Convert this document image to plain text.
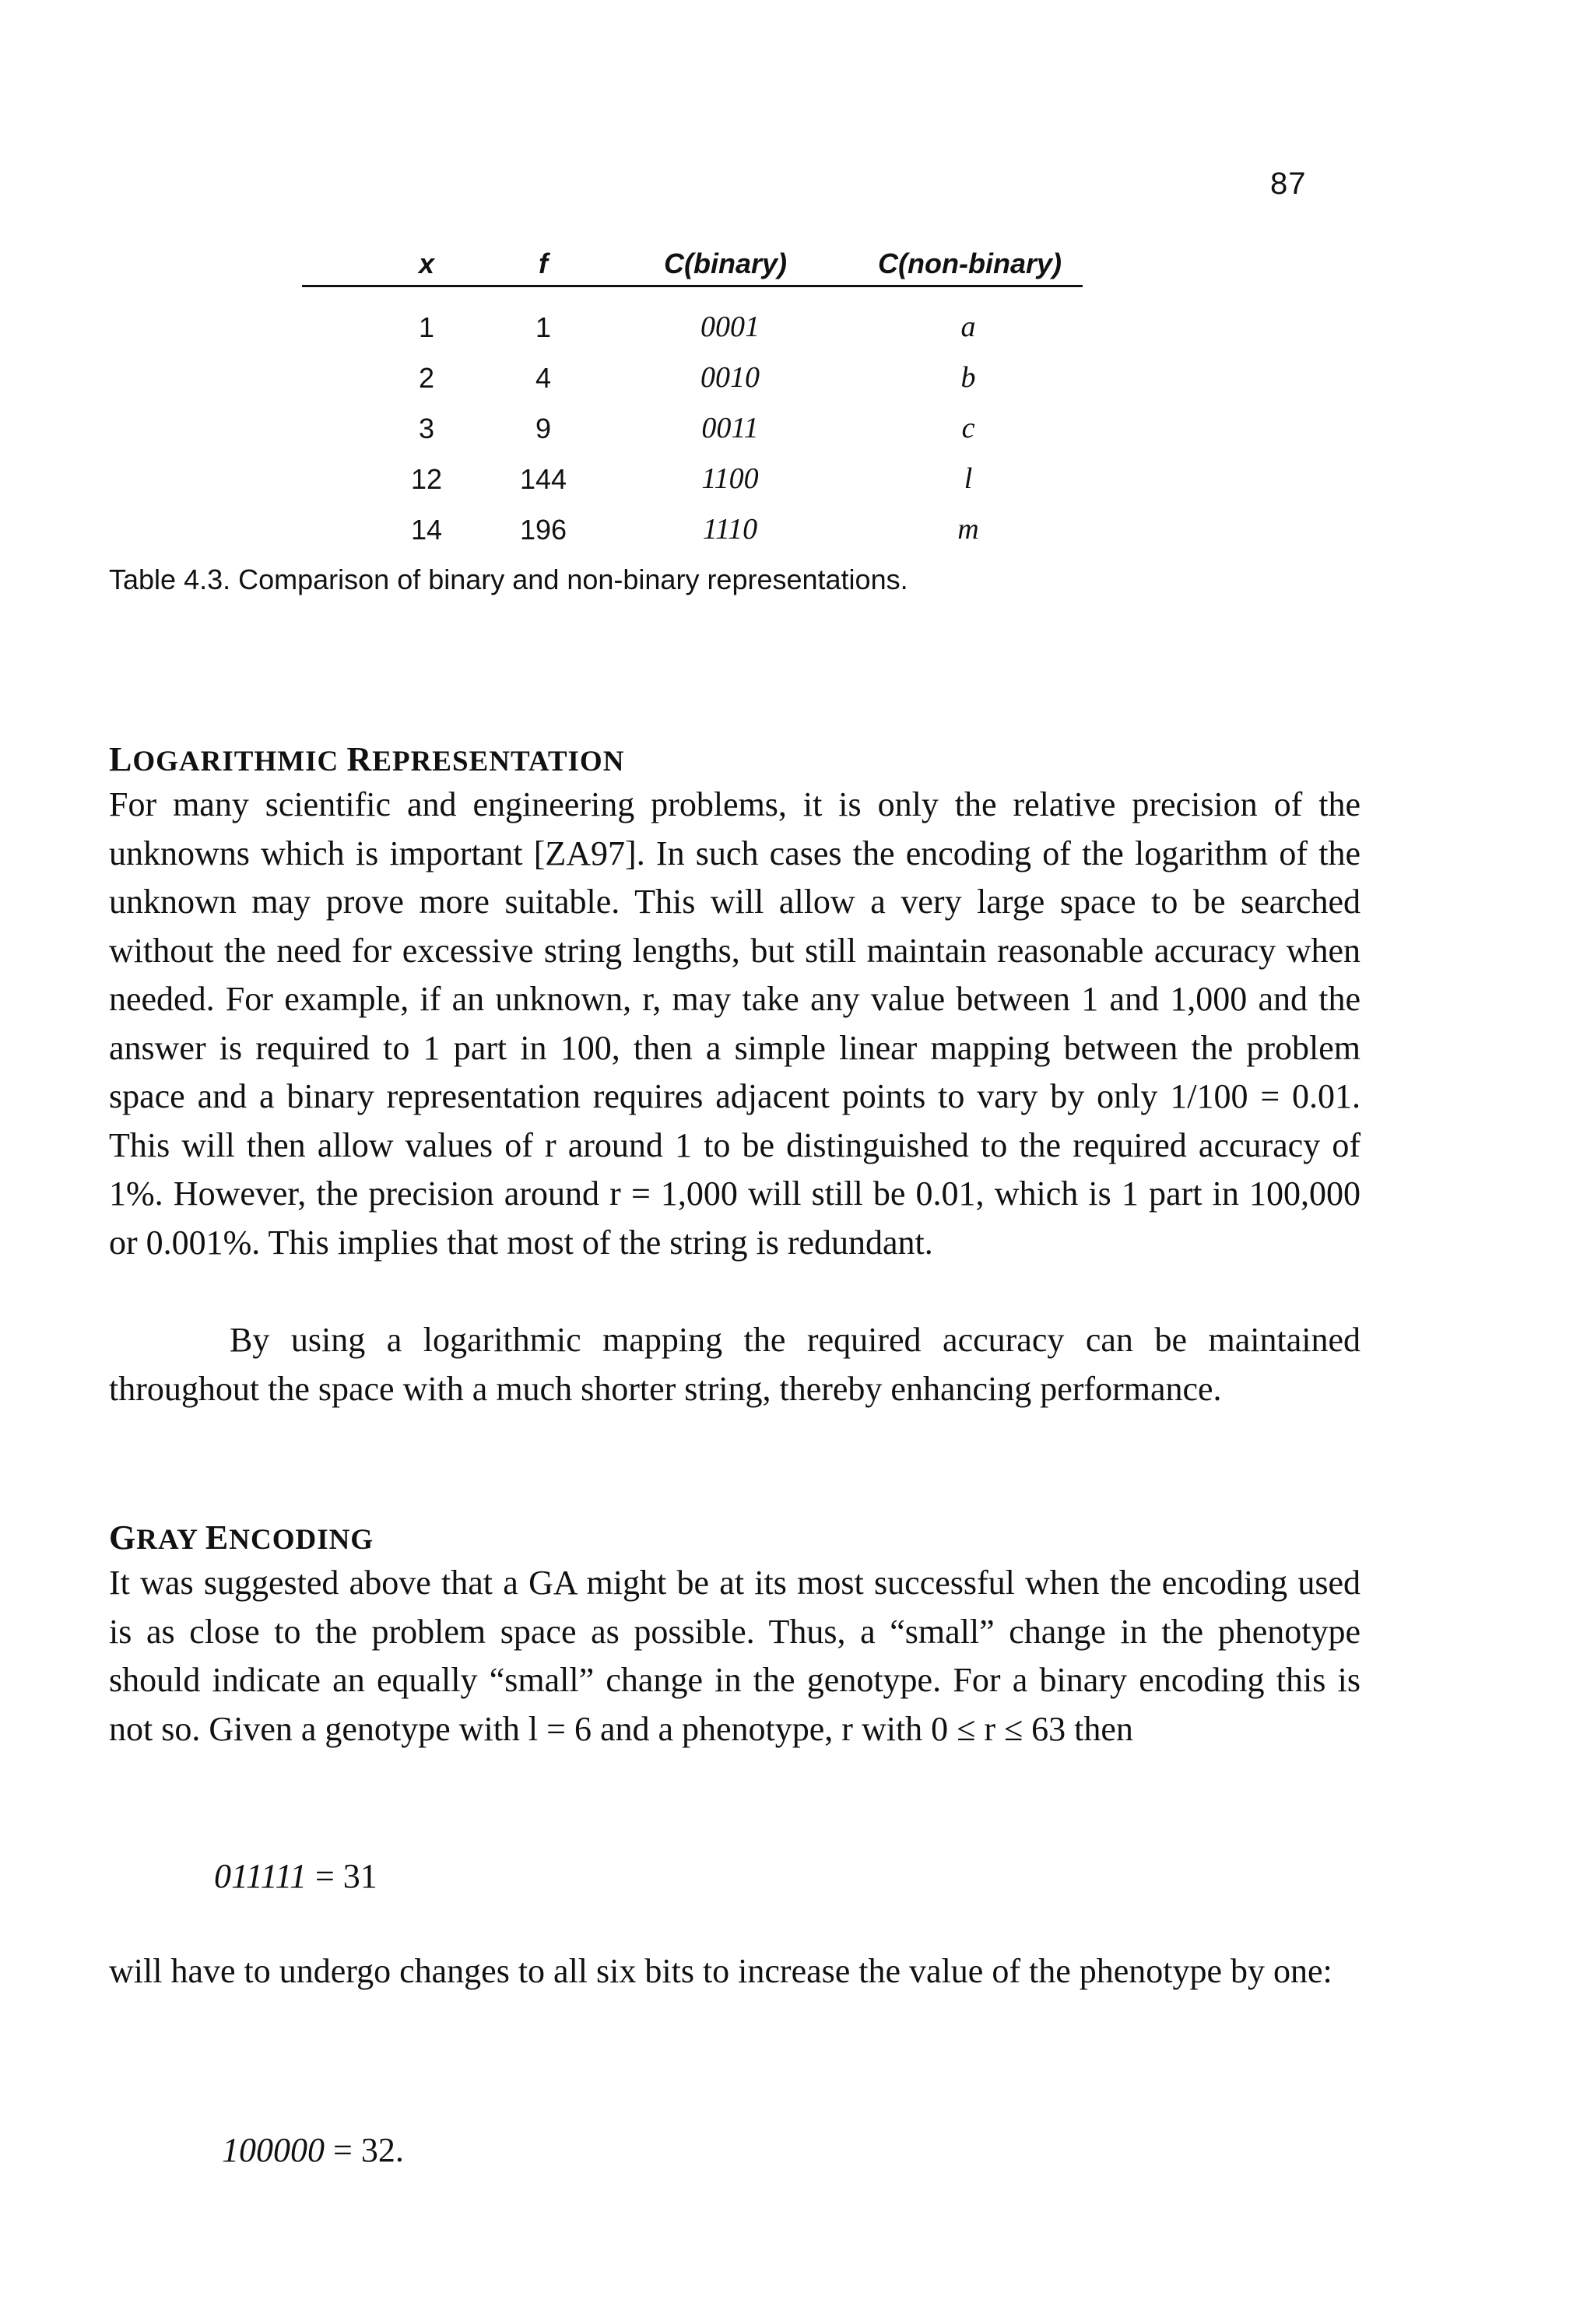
87
x	f	C(binary)	C(non-binary)
1	1	0001	a
2	4	0010	b
3	9	0011	c
12	144	1100	l
14	196	1110	m
Table 4.3. Comparison of binary and non-binary representations.
LOGARITHMIC REPRESENTATION

For many scientific and engineering problems, it is only the relative precision of the unknowns which is important [ZA97]. In such cases the encoding of the logarithm of the unknown may prove more suitable. This will allow a very large space to be searched without the need for excessive string lengths, but still maintain reasonable accuracy when needed. For example, if an unknown, r, may take any value between 1 and 1,000 and the answer is required to 1 part in 100, then a simple linear mapping between the problem space and a binary representation requires adjacent points to vary by only 1/100 = 0.01. This will then allow values of r around 1 to be distinguished to the required accuracy of 1%. However, the precision around r = 1,000 will still be 0.01, which is 1 part in 100,000 or 0.001%. This implies that most of the string is redundant.

By using a logarithmic mapping the required accuracy can be maintained throughout the space with a much shorter string, thereby enhancing performance.

GRAY ENCODING

It was suggested above that a GA might be at its most successful when the encoding used is as close to the problem space as possible. Thus, a “small” change in the phenotype should indicate an equally “small” change in the genotype. For a binary encoding this is not so. Given a genotype with l = 6 and a phenotype, r with 0 ≤ r ≤ 63 then

011111 = 31

will have to undergo changes to all six bits to increase the value of the phenotype by one:

100000 = 32.
